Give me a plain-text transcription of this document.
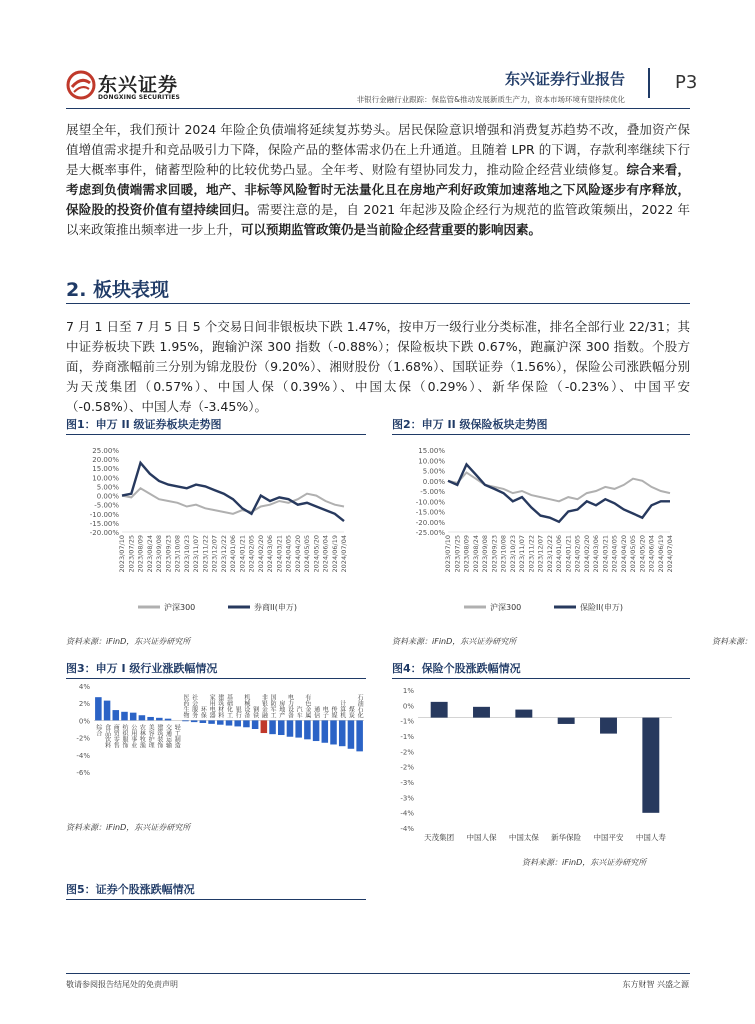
东兴证券
DONGXING SECURITIES
东兴证券行业报告
非银行金融行业跟踪：保监管&推动发展新质生产力，资本市场环境有望持续优化
P3
展望全年，我们预计 2024 年险企负债端将延续复苏势头。居民保险意识增强和消费复苏趋势不改，叠加资产保值增值需求提升和竞品吸引力下降，保险产品的整体需求仍在上升通道。且随着 LPR 的下调，存款利率继续下行是大概率事件，储蓄型险种的比较优势凸显。全年考、财险有望协同发力，推动险企经营业绩修复。综合来看，考虑到负债端需求回暖，地产、非标等风险暂时无法量化且在房地产利好政策加速落地之下风险逐步有序释放，保险股的投资价值有望持续回归。需要注意的是，自 2021 年起涉及险企经行为规范的监管政策频出，2022 年以来政策推出频率进一步上升，可以预期监管政策仍是当前险企经营重要的影响因素。
2. 板块表现
7 月 1 日至 7 月 5 日 5 个交易日间非银板块下跌 1.47%，按申万一级行业分类标准，排名全部行业 22/31；其中证券板块下跌 1.95%，跑输沪深 300 指数（-0.88%）；保险板块下跌 0.67%，跑赢沪深 300 指数。个股方面，券商涨幅前三分别为锦龙股份（9.20%）、湘财股份（1.68%）、国联证券（1.56%），保险公司涨跌幅分别为天茂集团（0.57%）、中国人保（0.39%）、中国太保（0.29%）、新华保险（-0.23%）、中国平安（-0.58%）、中国人寿（-3.45%）。
图1：申万 II 级证券板块走势图
25.00%
20.00%
15.00%
10.00%
5.00%
0.00%
-5.00%
-10.00%
-15.00%
-20.00%
2023/07/10 2023/07/25 2023/08/09 2023/08/24 2023/09/08 2023/09/23 2023/10/08 2023/10/23 2023/11/07 2023/11/22 2023/12/07 2023/12/22 2024/01/06 2024/01/21 2024/02/05 2024/02/20 2024/03/06 2024/03/21 2024/04/05 2024/04/20 2024/05/05 2024/05/20 2024/06/04 2024/06/19 2024/07/04
沪深300	券商II(申万)
资料来源：iFinD，东兴证券研究所
图2：申万 II 级保险板块走势图
15.00%
10.00%
5.00%
0.00%
-5.00%
-10.00%
-15.00%
-20.00%
-25.00%
2023/07/10 2023/07/25 2023/08/09 2023/08/24 2023/09/08 2023/09/23 2023/10/08 2023/10/23 2023/11/07 2023/11/22 2023/12/07 2023/12/22 2024/01/06 2024/01/21 2024/02/05 2024/02/20 2024/03/06 2024/03/21 2024/04/05 2024/04/20 2024/05/05 2024/05/20 2024/06/04 2024/06/19 2024/07/04
沪深300	保险II(申万)
资料来源：iFinD，东兴证券研究所	资料来源：
图3：申万 I 级行业涨跌幅情况
4%
2%
0%
-2%
-4%
-6%
综合 食品饮料 商贸零售 纺织服饰 公用事业 农林牧渔 美容护理 建筑装饰 交通运输 轻工制造
医药生物 社会服务 环保 家用电器 建筑材料 基础化工 银行 机械设备 钢铁 非银金融 国防军工 房地产 电力设备 汽车 有色金属 通信 电子 传媒 计算机 煤炭 石油石化
资料来源：iFinD，东兴证券研究所
图4：保险个股涨跌幅情况
1%
0%
-1%
-1%
-2%
-2%
-3%
-3%
-4%
-4%
天茂集团 中国人保 中国太保 新华保险 中国平安 中国人寿
资料来源：iFinD，东兴证券研究所
图5：证券个股涨跌幅情况
敬请参阅报告结尾处的免责声明	东方财智 兴盛之源
